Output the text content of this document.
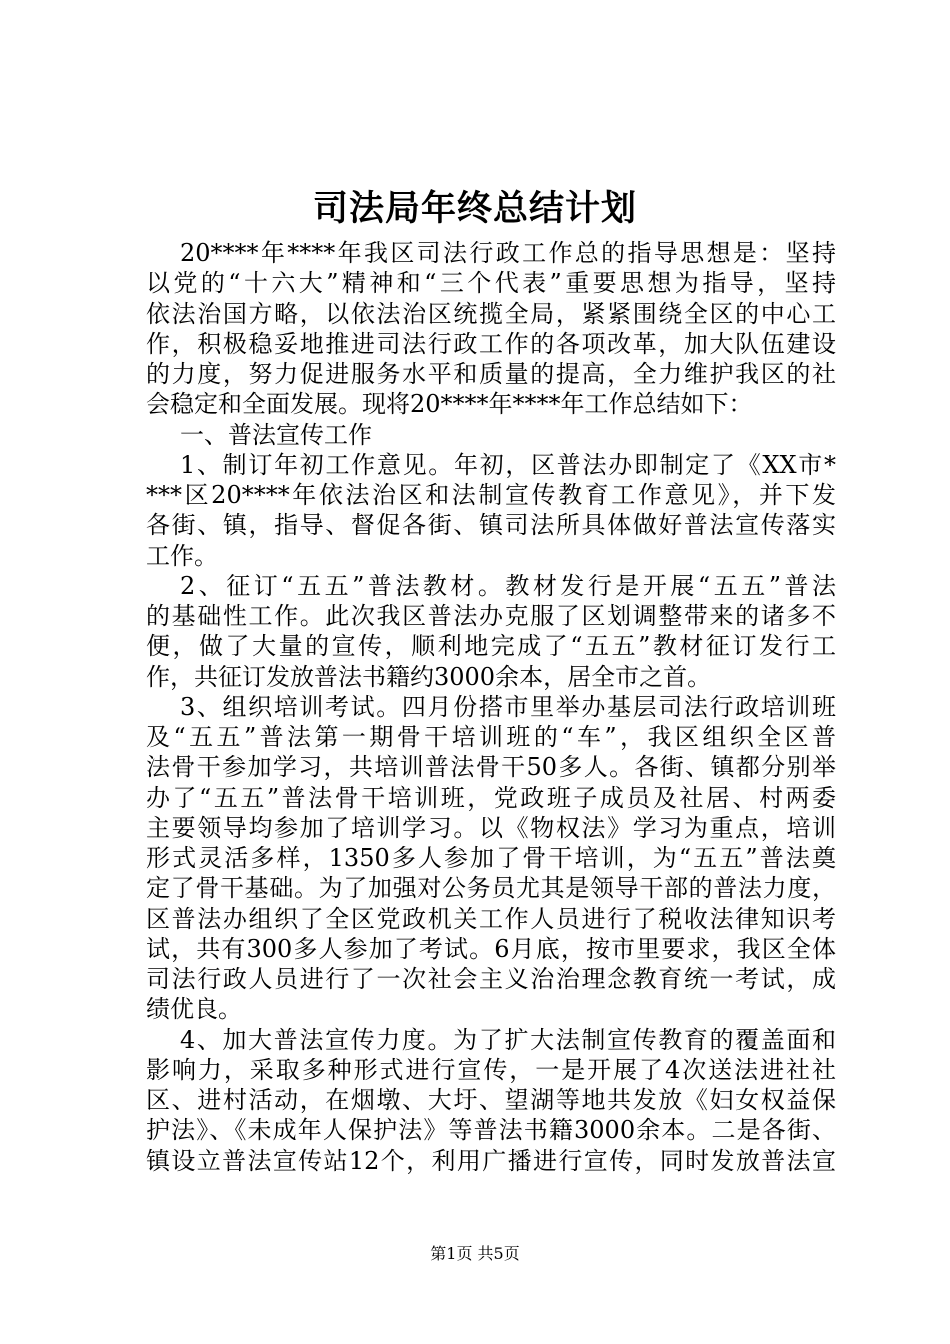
司法局年终总结计划
20****年****年我区司法行政工作总的指导思想是：坚持
以党的“十六大”精神和“三个代表”重要思想为指导，坚持
依法治国方略，以依法治区统揽全局，紧紧围绕全区的中心工
作，积极稳妥地推进司法行政工作的各项改革，加大队伍建设
的力度，努力促进服务水平和质量的提高，全力维护我区的社
会稳定和全面发展。现将20****年****年工作总结如下：
一、普法宣传工作
1、制订年初工作意见。年初，区普法办即制定了《XX市*
***区20****年依法治区和法制宣传教育工作意见》，并下发
各街、镇，指导、督促各街、镇司法所具体做好普法宣传落实
工作。
2、征订“五五”普法教材。教材发行是开展“五五”普法
的基础性工作。此次我区普法办克服了区划调整带来的诸多不
便，做了大量的宣传，顺利地完成了“五五”教材征订发行工
作，共征订发放普法书籍约3000余本，居全市之首。
3、组织培训考试。四月份搭市里举办基层司法行政培训班
及“五五”普法第一期骨干培训班的“车”，我区组织全区普
法骨干参加学习，共培训普法骨干50多人。各街、镇都分别举
办了“五五”普法骨干培训班，党政班子成员及社居、村两委
主要领导均参加了培训学习。以《物权法》学习为重点，培训
形式灵活多样，1350多人参加了骨干培训，为“五五”普法奠
定了骨干基础。为了加强对公务员尤其是领导干部的普法力度，
区普法办组织了全区党政机关工作人员进行了税收法律知识考
试，共有300多人参加了考试。6月底，按市里要求，我区全体
司法行政人员进行了一次社会主义治治理念教育统一考试，成
绩优良。
4、加大普法宣传力度。为了扩大法制宣传教育的覆盖面和
影响力，采取多种形式进行宣传，一是开展了4次送法进社社
区、进村活动，在烟墩、大圩、望湖等地共发放《妇女权益保
护法》、《未成年人保护法》等普法书籍3000余本。二是各街、
镇设立普法宣传站12个，利用广播进行宣传，同时发放普法宣
第1页 共5页
